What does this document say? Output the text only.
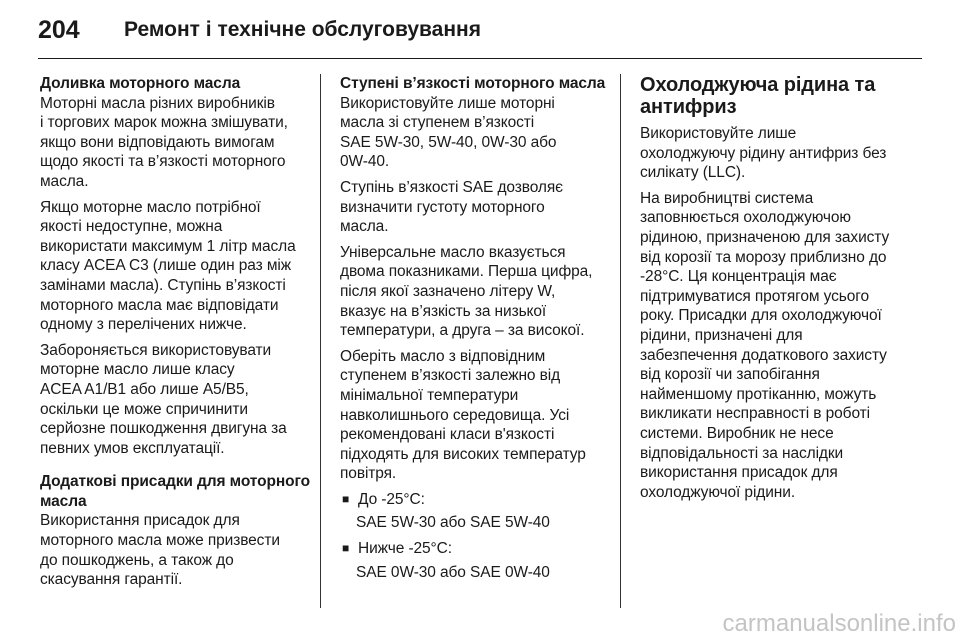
204	Ремонт і технічне обслуговування

Доливка моторного масла

Моторні масла різних виробників
і торгових марок можна змішувати,
якщо вони відповідають вимогам
щодо якості та в’язкості моторного
масла.

Якщо моторне масло потрібної
якості недоступне, можна
використати максимум 1 літр масла
класу ACEA C3 (лише один раз між
замінами масла). Ступінь в’язкості
моторного масла має відповідати
одному з перелічених нижче.

Забороняється використовувати
моторне масло лише класу
ACEA A1/B1 або лише A5/B5,
оскільки це може спричинити
серйозне пошкодження двигуна за
певних умов експлуатації.

Додаткові присадки для моторного
масла

Використання присадок для
моторного масла може призвести
до пошкоджень, а також до
скасування гарантії.

Ступені в’язкості моторного масла

Використовуйте лише моторні
масла зі ступенем в’язкості
SAE 5W-30, 5W-40, 0W-30 або
0W-40.

Ступінь в’язкості SAE дозволяє
визначити густоту моторного
масла.

Універсальне масло вказується
двома показниками. Перша цифра,
після якої зазначено літеру W,
вказує на в’язкість за низької
температури, а друга – за високої.

Оберіть масло з відповідним
ступенем в’язкості залежно від
мінімальної температури
навколишнього середовища. Усі
рекомендовані класи в'язкості
підходять для високих температур
повітря.

■ До -25°C:
SAE 5W-30 або SAE 5W-40
■ Нижче -25°C:
SAE 0W-30 або SAE 0W-40

Охолоджуюча рідина та
антифриз

Використовуйте лише
охолоджуючу рідину антифриз без
силікату (LLC).

На виробництві система
заповнюється охолоджуючою
рідиною, призначеною для захисту
від корозії та морозу приблизно до
-28°C. Ця концентрація має
підтримуватися протягом усього
року. Присадки для охолоджуючої
рідини, призначені для
забезпечення додаткового захисту
від корозії чи запобігання
найменшому протіканню, можуть
викликати несправності в роботі
системи. Виробник не несе
відповідальності за наслідки
використання присадок для
охолоджуючої рідини.

carmanualsonline.info
